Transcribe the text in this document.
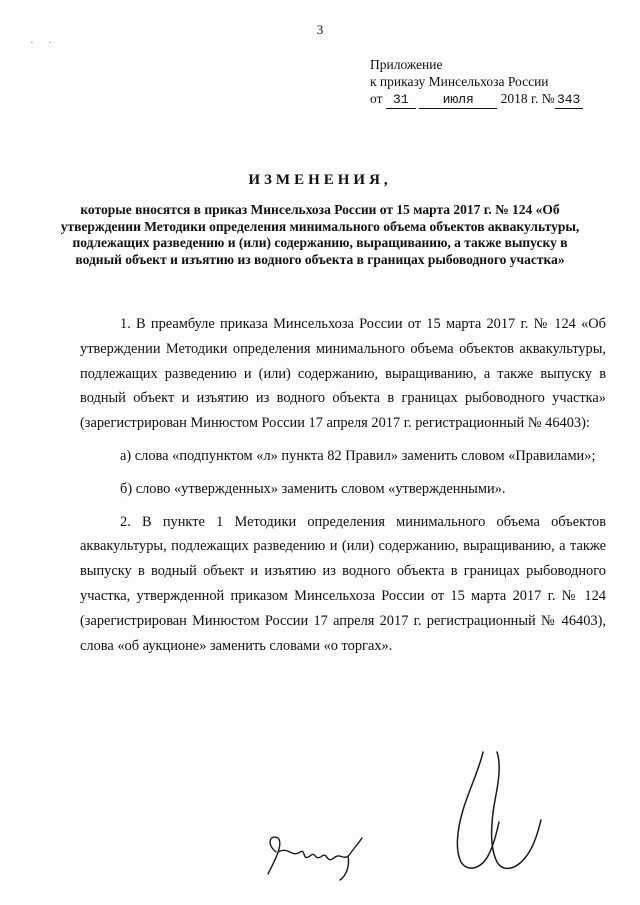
3
· ·
Приложение
к приказу Минсельхоза России
от 31	июля 2018 г. № 343
ИЗМЕНЕНИЯ,
которые вносятся в приказ Минсельхоза России от 15 марта 2017 г. № 124 «Об утверждении Методики определения минимального объема объектов аквакультуры, подлежащих разведению и (или) содержанию, выращиванию, а также выпуску в водный объект и изъятию из водного объекта в границах рыбоводного участка»

1. В преамбуле приказа Минсельхоза России от 15 марта 2017 г. № 124 «Об утверждении Методики определения минимального объема объектов аквакультуры, подлежащих разведению и (или) содержанию, выращиванию, а также выпуску в водный объект и изъятию из водного объекта в границах рыбоводного участка» (зарегистрирован Минюстом России 17 апреля 2017 г. регистрационный № 46403):

а) слова «подпунктом «л» пункта 82 Правил» заменить словом «Правилами»;

б) слово «утвержденных» заменить словом «утвержденными».

2. В пункте 1 Методики определения минимального объема объектов аквакультуры, подлежащих разведению и (или) содержанию, выращиванию, а также выпуску в водный объект и изъятию из водного объекта в границах рыбоводного участка, утвержденной приказом Минсельхоза России от 15 марта 2017 г. № 124 (зарегистрирован Минюстом России 17 апреля 2017 г. регистрационный № 46403), слова «об аукционе» заменить словами «о торгах».
